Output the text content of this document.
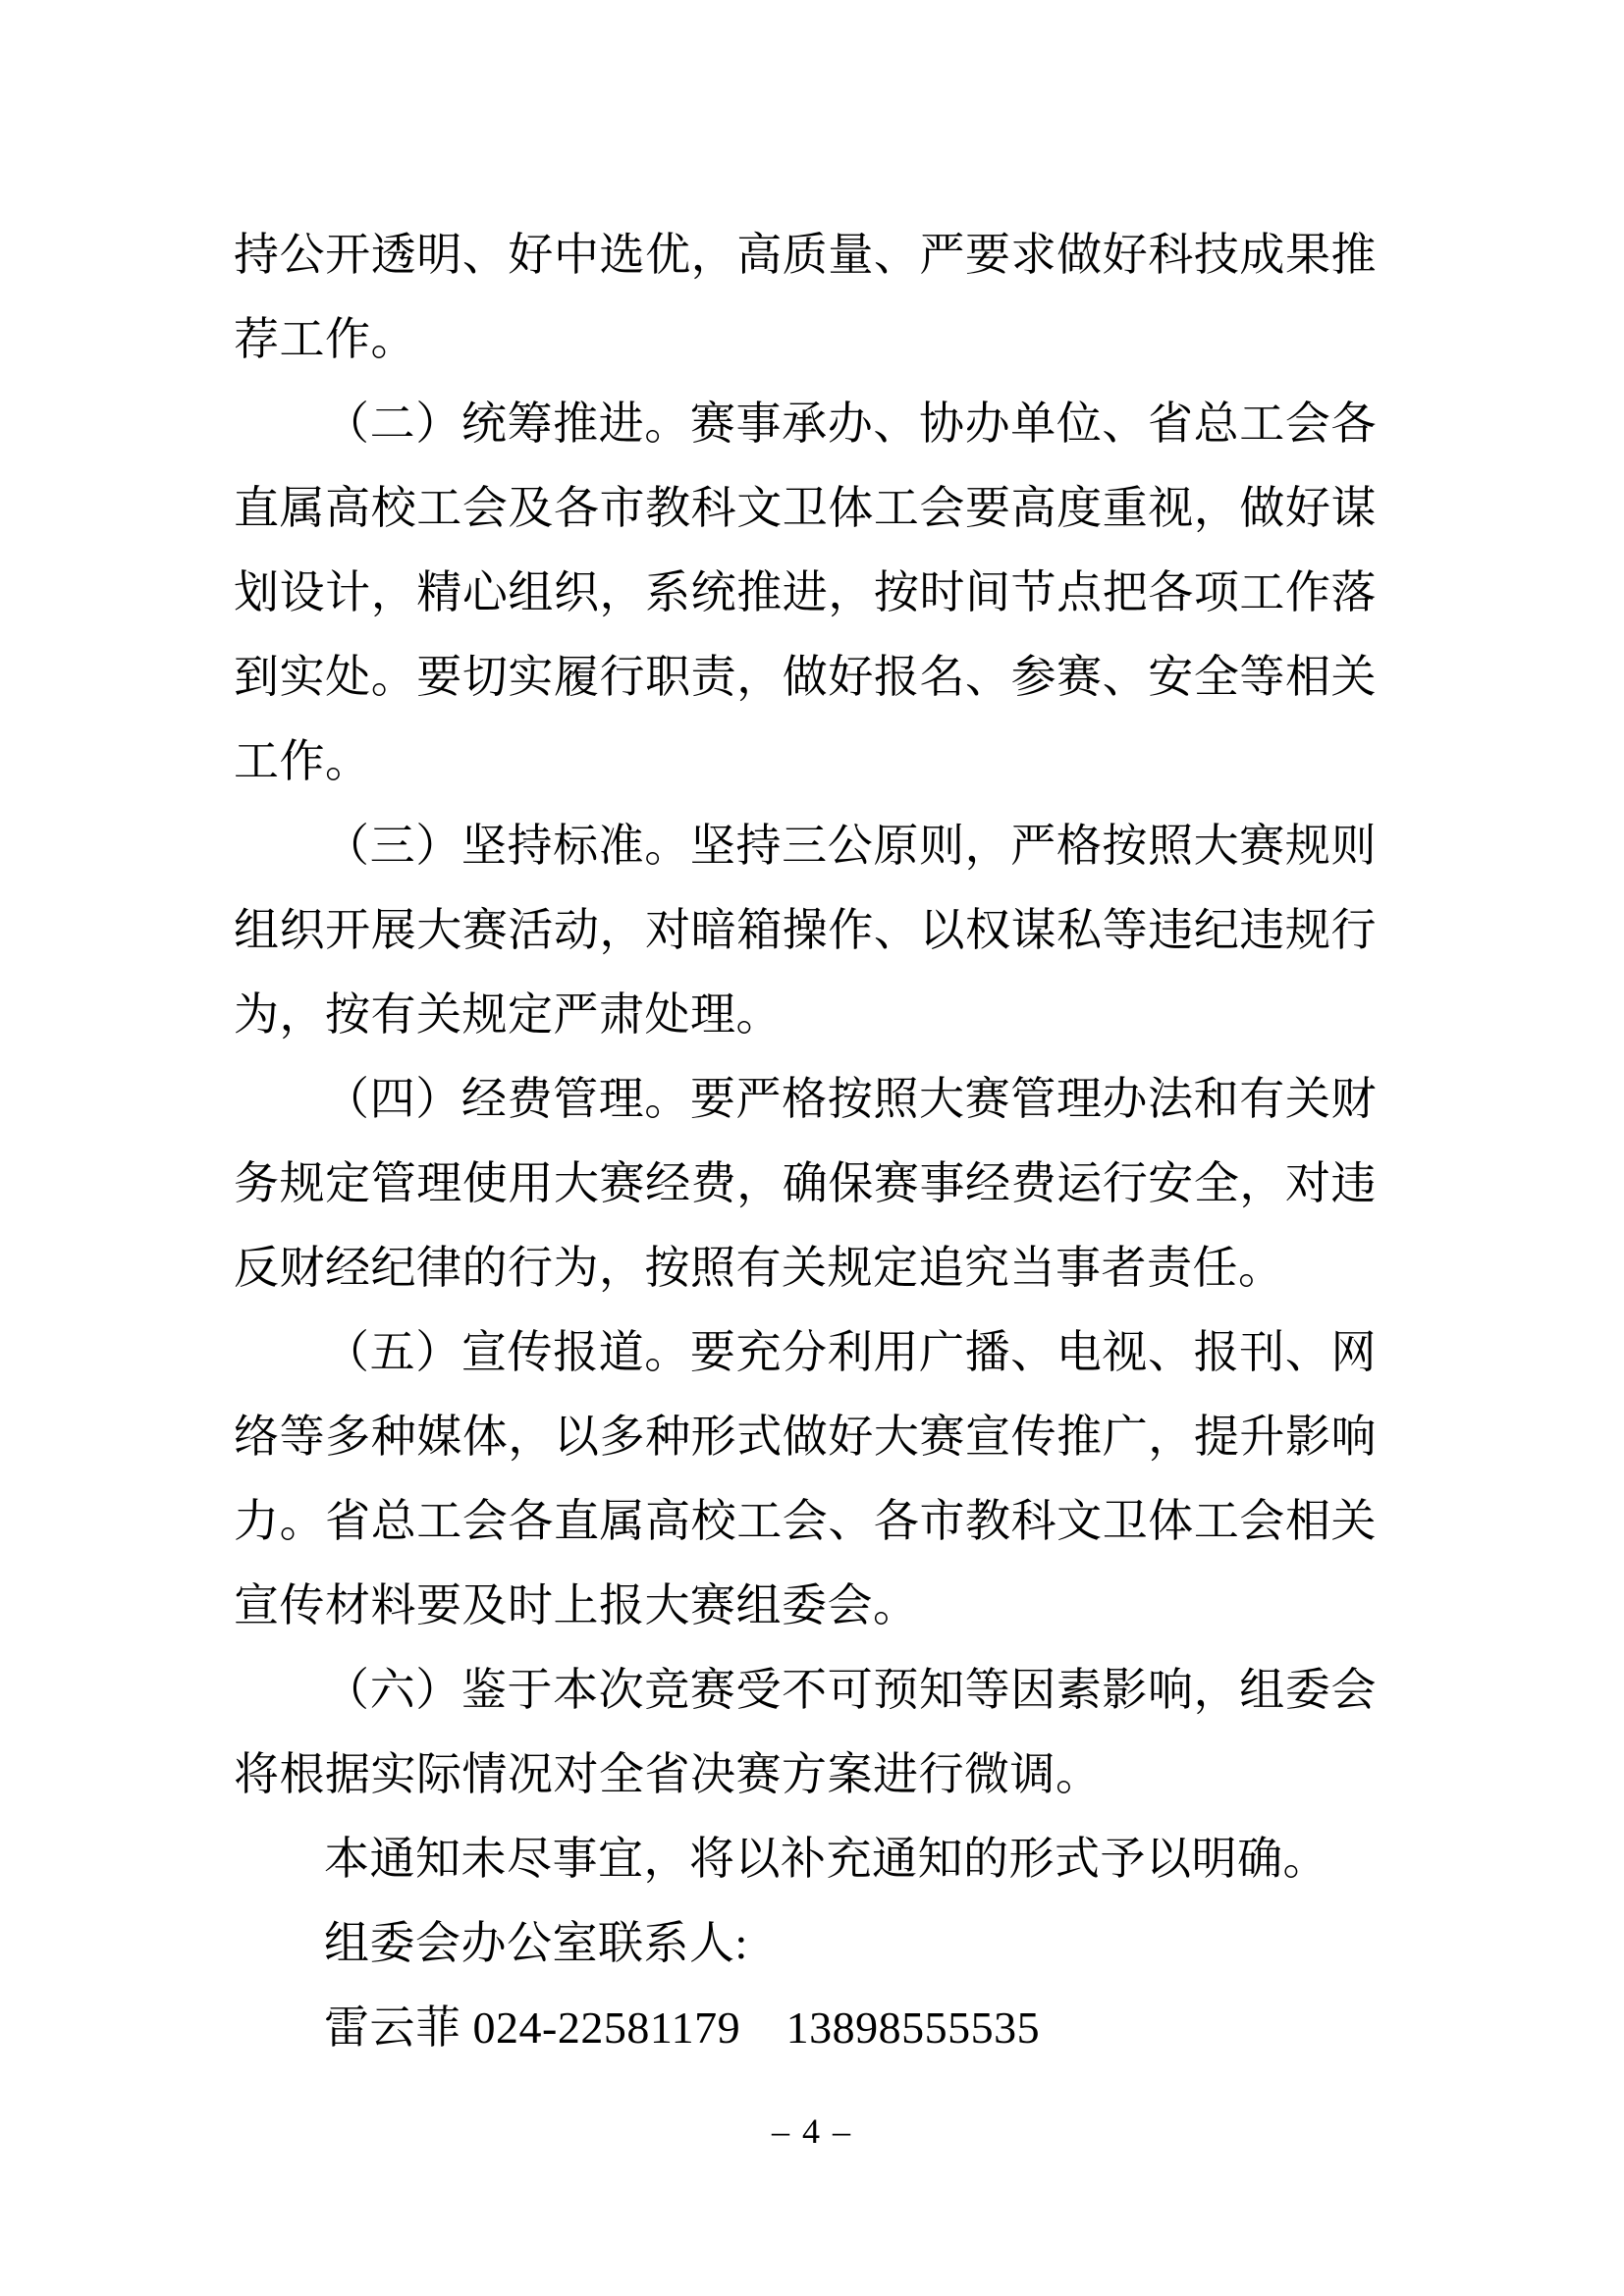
持公开透明、好中选优，高质量、严要求做好科技成果推
荐工作。
（二）统筹推进。赛事承办、协办单位、省总工会各
直属高校工会及各市教科文卫体工会要高度重视，做好谋
划设计，精心组织，系统推进，按时间节点把各项工作落
到实处。要切实履行职责，做好报名、参赛、安全等相关
工作。
（三）坚持标准。坚持三公原则，严格按照大赛规则
组织开展大赛活动，对暗箱操作、以权谋私等违纪违规行
为，按有关规定严肃处理。
（四）经费管理。要严格按照大赛管理办法和有关财
务规定管理使用大赛经费，确保赛事经费运行安全，对违
反财经纪律的行为，按照有关规定追究当事者责任。
（五）宣传报道。要充分利用广播、电视、报刊、网
络等多种媒体，以多种形式做好大赛宣传推广，提升影响
力。省总工会各直属高校工会、各市教科文卫体工会相关
宣传材料要及时上报大赛组委会。
（六）鉴于本次竞赛受不可预知等因素影响，组委会
将根据实际情况对全省决赛方案进行微调。
本通知未尽事宜，将以补充通知的形式予以明确。
组委会办公室联系人:
雷云菲 024-22581179　13898555535
– 4 –
